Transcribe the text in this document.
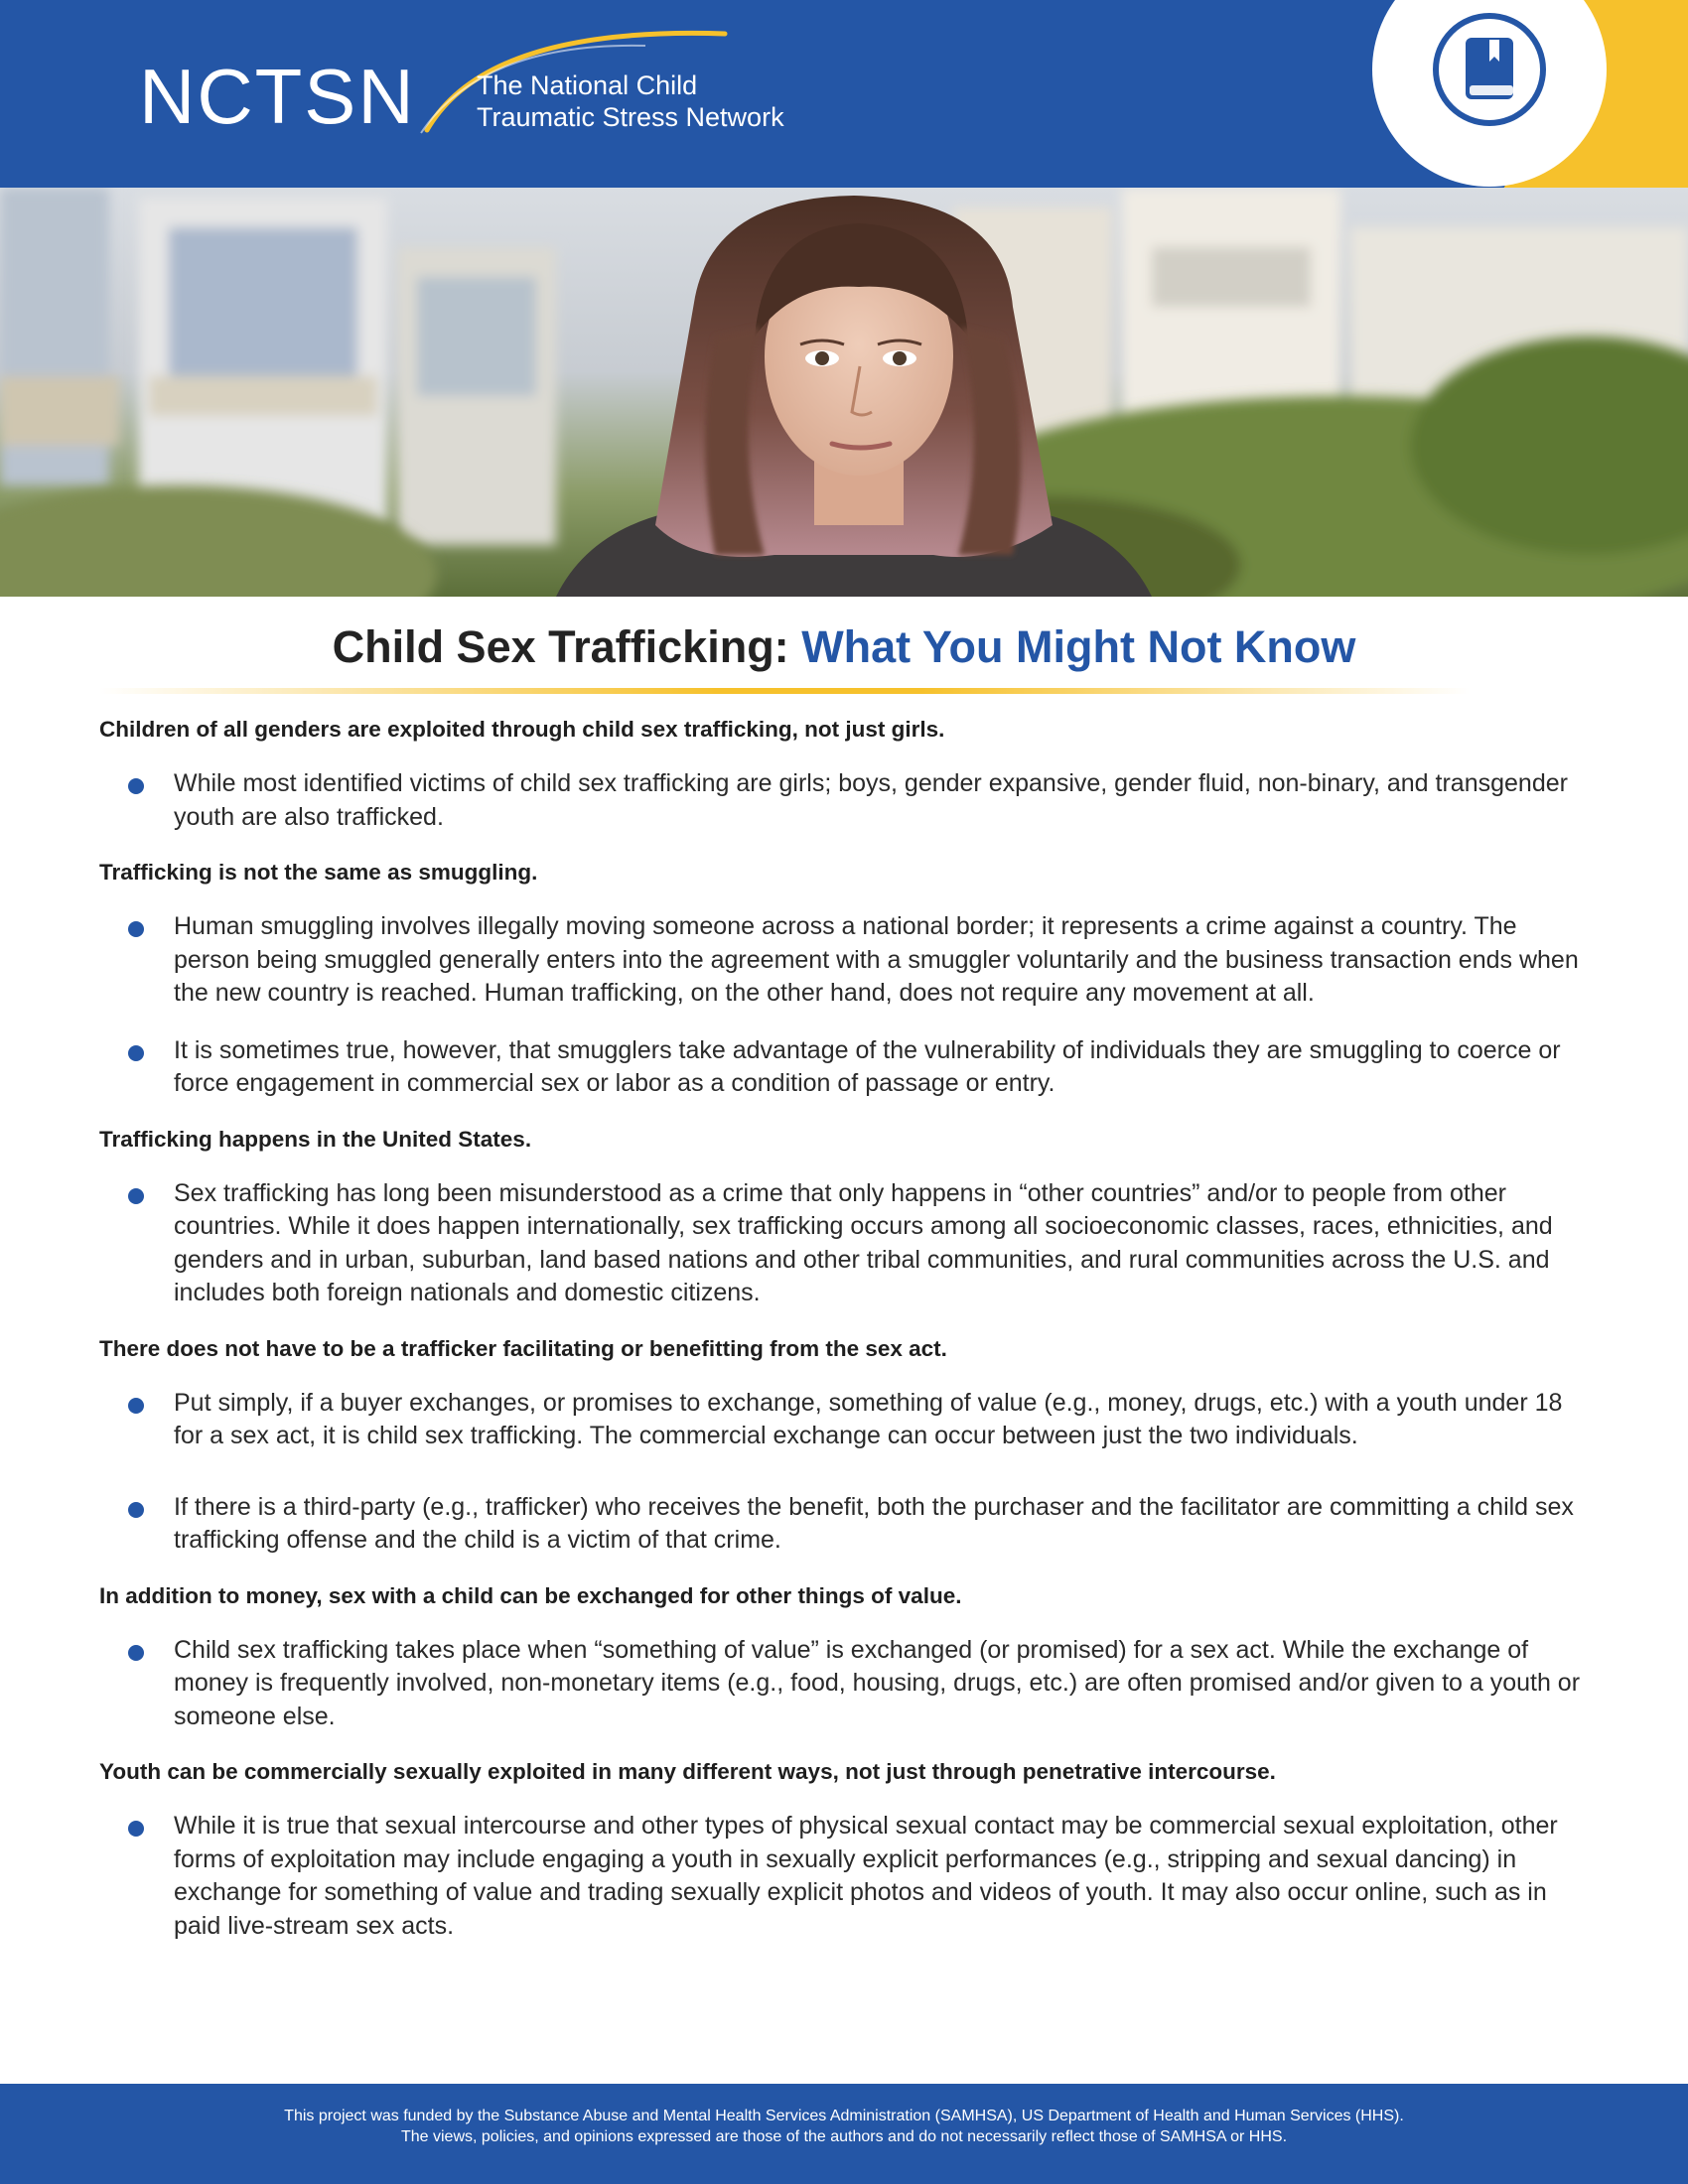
NCTSN The National Child
Traumatic Stress Network
Child Sex Trafficking: What You Might Not Know
Children of all genders are exploited through child sex trafficking, not just girls.

While most identified victims of child sex trafficking are girls; boys, gender expansive, gender fluid, non-binary, and transgender youth are also trafficked.

Trafficking is not the same as smuggling.

Human smuggling involves illegally moving someone across a national border; it represents a crime against a country. The person being smuggled generally enters into the agreement with a smuggler voluntarily and the business transaction ends when the new country is reached. Human trafficking, on the other hand, does not require any movement at all.

It is sometimes true, however, that smugglers take advantage of the vulnerability of individuals they are smuggling to coerce or force engagement in commercial sex or labor as a condition of passage or entry.

Trafficking happens in the United States.

Sex trafficking has long been misunderstood as a crime that only happens in “other countries” and/or to people from other countries. While it does happen internationally, sex trafficking occurs among all socioeconomic classes, races, ethnicities, and genders and in urban, suburban, land based nations and other tribal communities, and rural communities across the U.S. and includes both foreign nationals and domestic citizens.

There does not have to be a trafficker facilitating or benefitting from the sex act.

Put simply, if a buyer exchanges, or promises to exchange, something of value (e.g., money, drugs, etc.) with a youth under 18 for a sex act, it is child sex trafficking. The commercial exchange can occur between just the two individuals.

If there is a third-party (e.g., trafficker) who receives the benefit, both the purchaser and the facilitator are committing a child sex trafficking offense and the child is a victim of that crime.

In addition to money, sex with a child can be exchanged for other things of value.

Child sex trafficking takes place when “something of value” is exchanged (or promised) for a sex act. While the exchange of money is frequently involved, non-monetary items (e.g., food, housing, drugs, etc.) are often promised and/or given to a youth or someone else.

Youth can be commercially sexually exploited in many different ways, not just through penetrative intercourse.

While it is true that sexual intercourse and other types of physical sexual contact may be commercial sexual exploitation, other forms of exploitation may include engaging a youth in sexually explicit performances (e.g., stripping and sexual dancing) in exchange for something of value and trading sexually explicit photos and videos of youth. It may also occur online, such as in paid live-stream sex acts.

This project was funded by the Substance Abuse and Mental Health Services Administration (SAMHSA), US Department of Health and Human Services (HHS).
The views, policies, and opinions expressed are those of the authors and do not necessarily reflect those of SAMHSA or HHS.
